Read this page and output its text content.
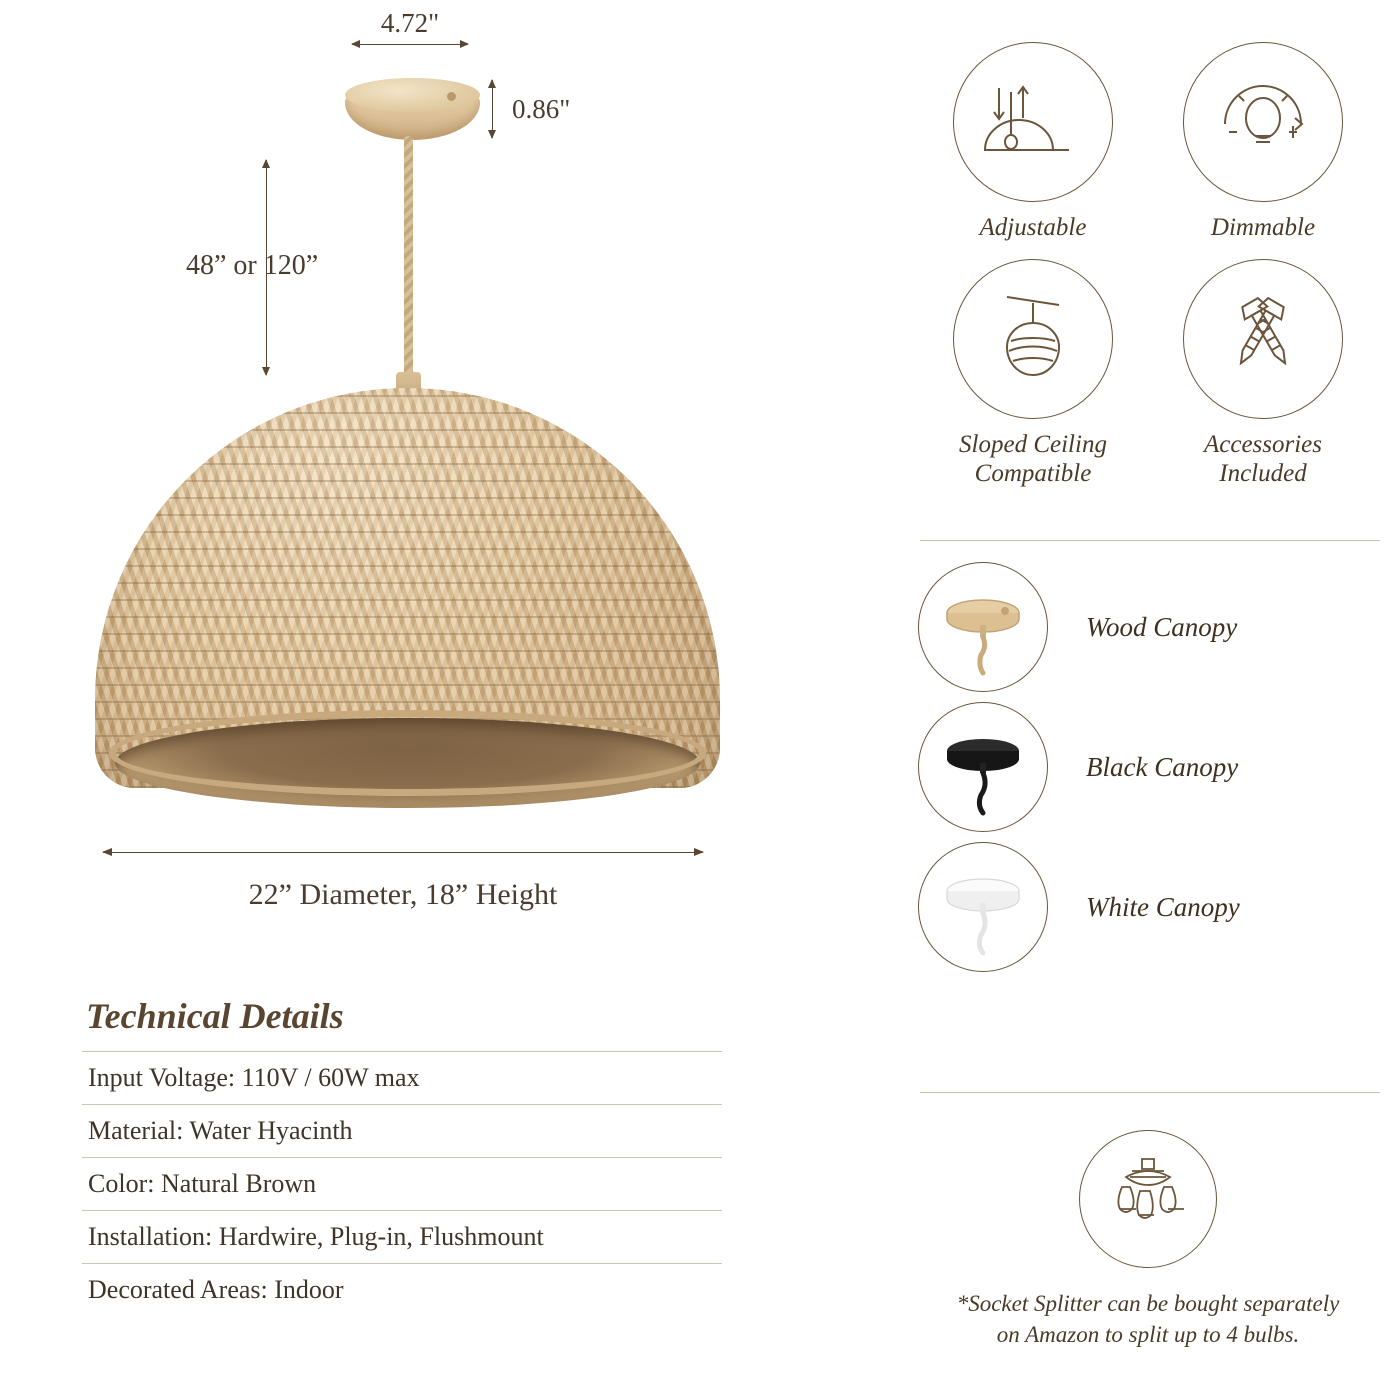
4.72"
0.86"
48” or 120”
22” Diameter, 18” Height
Technical Details
Input Voltage: 110V / 60W max
Material: Water Hyacinth
Color: Natural Brown
Installation: Hardwire, Plug-in, Flushmount
Decorated Areas: Indoor
Adjustable	Dimmable
Sloped Ceiling
Compatible
Accessories
Included
Wood Canopy
Black Canopy
White Canopy
*Socket Splitter can be bought separately
on Amazon to split up to 4 bulbs.
